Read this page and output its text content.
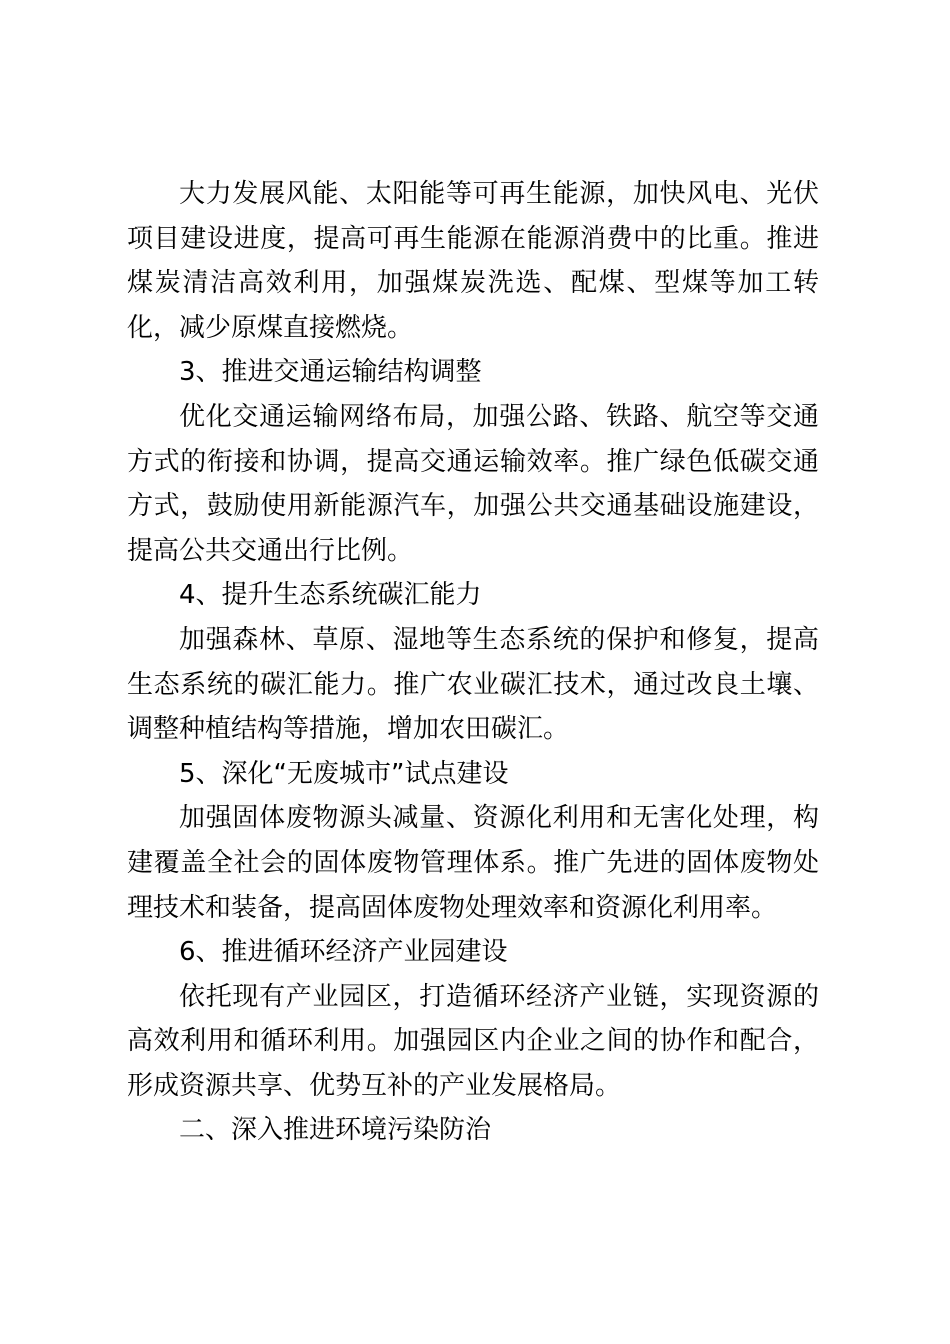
大力发展风能、太阳能等可再生能源，加快风电、光伏项目建设进度，提高可再生能源在能源消费中的比重。推进煤炭清洁高效利用，加强煤炭洗选、配煤、型煤等加工转化，减少原煤直接燃烧。

3、推进交通运输结构调整

优化交通运输网络布局，加强公路、铁路、航空等交通方式的衔接和协调，提高交通运输效率。推广绿色低碳交通方式，鼓励使用新能源汽车，加强公共交通基础设施建设，提高公共交通出行比例。

4、提升生态系统碳汇能力

加强森林、草原、湿地等生态系统的保护和修复，提高生态系统的碳汇能力。推广农业碳汇技术，通过改良土壤、调整种植结构等措施，增加农田碳汇。

5、深化“无废城市”试点建设

加强固体废物源头减量、资源化利用和无害化处理，构建覆盖全社会的固体废物管理体系。推广先进的固体废物处理技术和装备，提高固体废物处理效率和资源化利用率。

6、推进循环经济产业园建设

依托现有产业园区，打造循环经济产业链，实现资源的高效利用和循环利用。加强园区内企业之间的协作和配合，形成资源共享、优势互补的产业发展格局。

二、深入推进环境污染防治
